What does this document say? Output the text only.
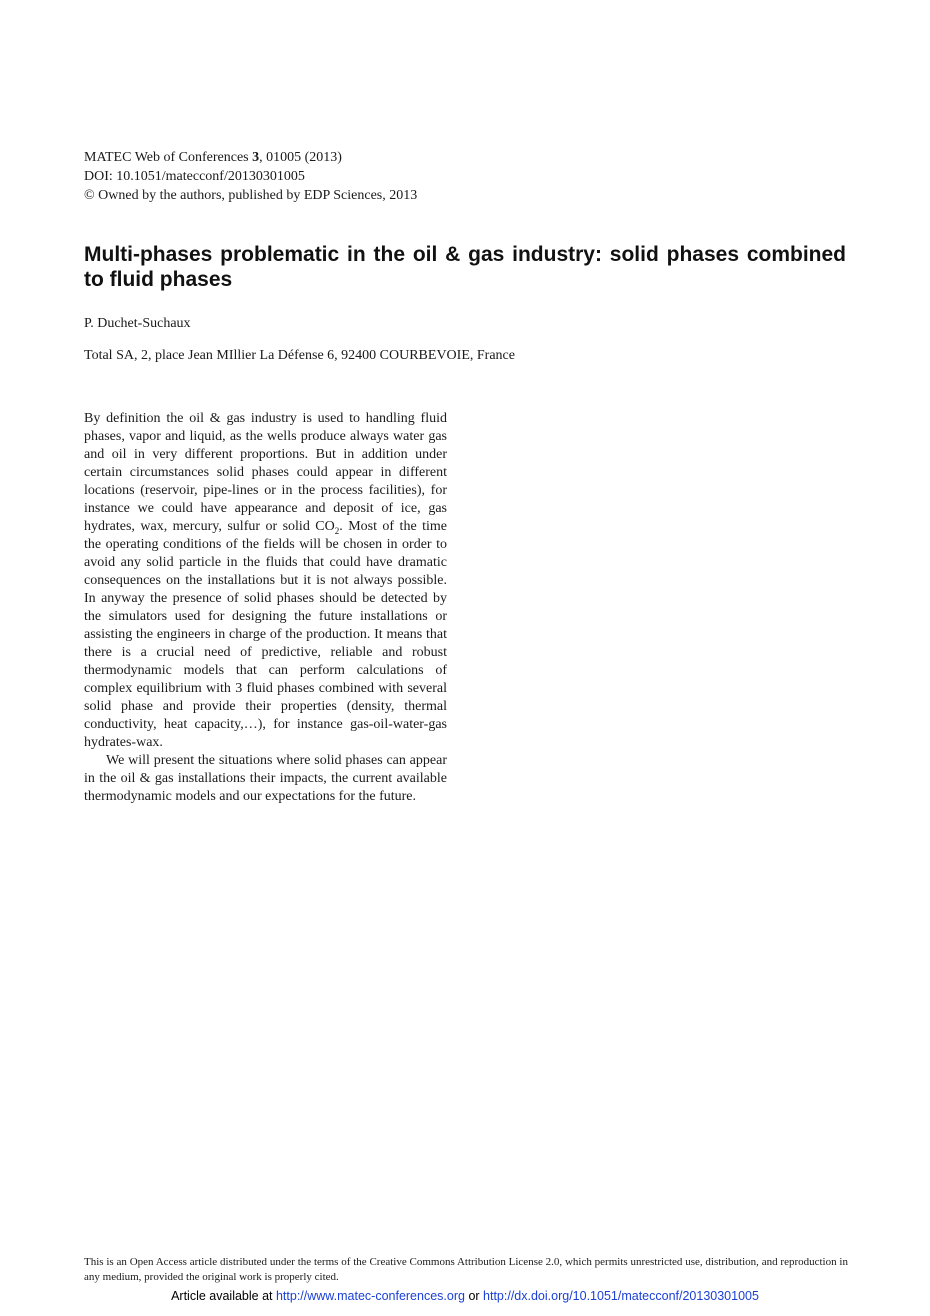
MATEC Web of Conferences 3, 01005 (2013)
DOI: 10.1051/matecconf/20130301005
© Owned by the authors, published by EDP Sciences, 2013
Multi-phases problematic in the oil & gas industry: solid phases combined to fluid phases
P. Duchet-Suchaux
Total SA, 2, place Jean MIllier La Défense 6, 92400 COURBEVOIE, France

By definition the oil & gas industry is used to handling fluid phases, vapor and liquid, as the wells produce always water gas and oil in very different proportions. But in addition under certain circumstances solid phases could appear in different locations (reservoir, pipe-lines or in the process facilities), for instance we could have appearance and deposit of ice, gas hydrates, wax, mercury, sulfur or solid $CO_2$. Most of the time the operating conditions of the fields will be chosen in order to avoid any solid particle in the fluids that could have dramatic consequences on the installations but it is not always possible. In anyway the presence of solid phases should be detected by the simulators used for designing the future installations or assisting the engineers in charge of the production. It means that there is a crucial need of predictive, reliable and robust thermodynamic models that can perform calculations of complex equilibrium with 3 fluid phases combined with several solid phase and provide their properties (density, thermal conductivity, heat capacity,…), for instance gas-oil-water-gas hydrates-wax.

We will present the situations where solid phases can appear in the oil & gas installations their impacts, the current available thermodynamic models and our expectations for the future.

This is an Open Access article distributed under the terms of the Creative Commons Attribution License 2.0, which permits unrestricted use, distribution, and reproduction in any medium, provided the original work is properly cited.
Article available at http://www.matec-conferences.org or http://dx.doi.org/10.1051/matecconf/20130301005
